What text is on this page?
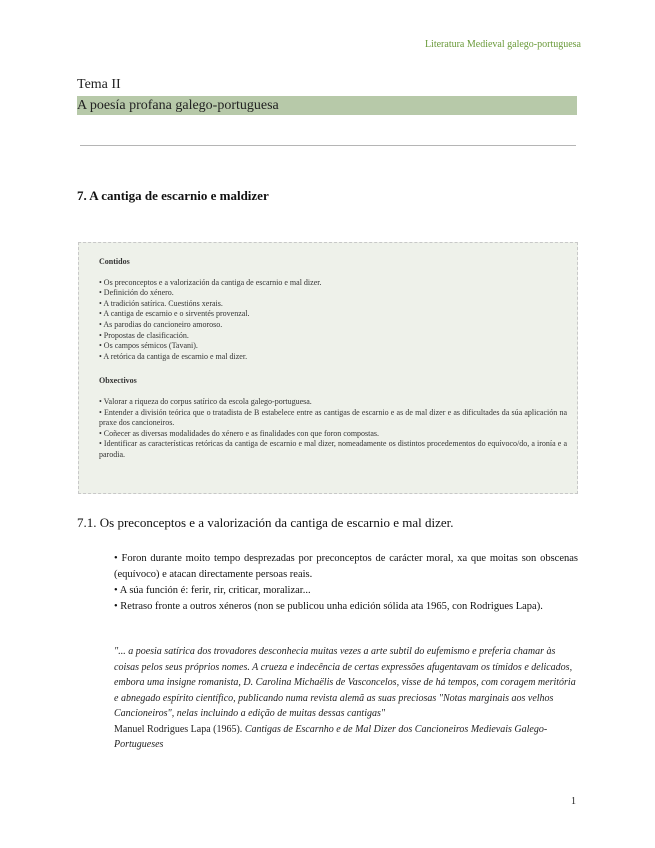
Literatura Medieval galego-portuguesa
Tema II
A poesía profana galego-portuguesa
7. A cantiga de escarnio e maldizer
Contidos
• Os preconceptos e a valorización da cantiga de escarnio e mal dizer.
• Definición do xénero.
• A tradición satírica. Cuestións xerais.
• A cantiga de escarnio e o sirventés provenzal.
• As parodias do cancioneiro amoroso.
• Propostas de clasificación.
• Os campos sémicos (Tavani).
• A retórica da cantiga de escarnio e mal dizer.
Obxectivos
• Valorar a riqueza do corpus satírico da escola galego-portuguesa.
• Entender a división teórica que o tratadista de B estabelece entre as cantigas de escarnio e as de mal dizer e as dificultades da súa aplicación na praxe dos cancioneiros.
• Coñecer as diversas modalidades do xénero e as finalidades con que foron compostas.
• Identificar as características retóricas da cantiga de escarnio e mal dizer, nomeadamente os distintos procedementos do equívoco/do, a ironía e a parodia.
7.1. Os preconceptos e a valorización da cantiga de escarnio e mal dizer.

• Foron durante moito tempo desprezadas por preconceptos de carácter moral, xa que moitas son obscenas (equívoco) e atacan directamente persoas reais.

• A súa función é: ferir, rir, criticar, moralizar...

• Retraso fronte a outros xéneros (non se publicou unha edición sólida ata 1965, con Rodrigues Lapa).

"... a poesia satírica dos trovadores desconhecia muitas vezes a arte subtil do eufemismo e preferia chamar às coisas pelos seus próprios nomes. A crueza e indecência de certas expressões afugentavam os tímidos e delicados, embora uma insigne romanista, D. Carolina Michaëlis de Vasconcelos, visse de há tempos, com coragem meritória e abnegado espírito científico, publicando numa revista alemã as suas preciosas "Notas marginais aos velhos Cancioneiros", nelas incluindo a edição de muitas dessas cantigas"
Manuel Rodrigues Lapa (1965). Cantigas de Escarnho e de Mal Dizer dos Cancioneiros Medievais Galego-Portugueses
1
